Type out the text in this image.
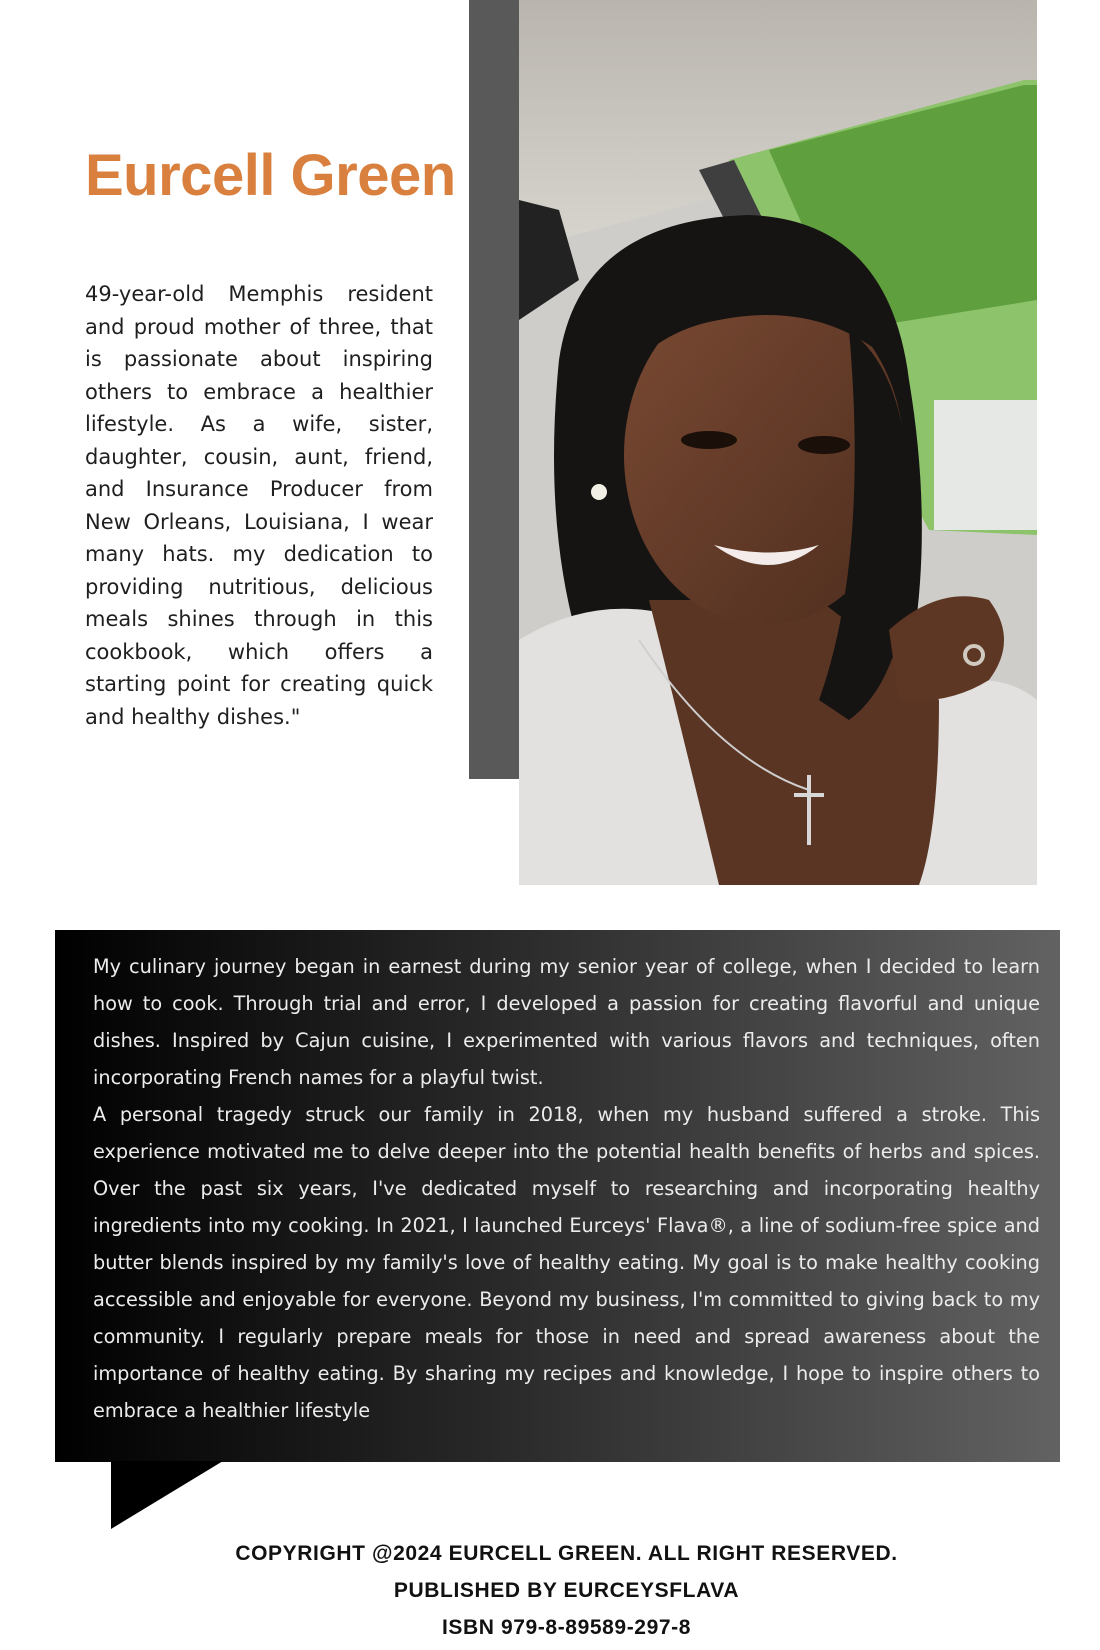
Eurcell Green

49-year-old Memphis resident and proud mother of three, that is passionate about inspiring others to embrace a healthier lifestyle. As a wife, sister, daughter, cousin, aunt, friend, and Insurance Producer from New Orleans, Louisiana, I wear many hats. my dedication to providing nutritious, delicious meals shines through in this cookbook, which offers a starting point for creating quick and healthy dishes."

My culinary journey began in earnest during my senior year of college, when I decided to learn how to cook. Through trial and error, I developed a passion for creating flavorful and unique dishes. Inspired by Cajun cuisine, I experimented with various flavors and techniques, often incorporating French names for a playful twist.

A personal tragedy struck our family in 2018, when my husband suffered a stroke. This experience motivated me to delve deeper into the potential health benefits of herbs and spices. Over the past six years, I've dedicated myself to researching and incorporating healthy ingredients into my cooking. In 2021, I launched Eurceys' Flava®, a line of sodium-free spice and butter blends inspired by my family's love of healthy eating. My goal is to make healthy cooking accessible and enjoyable for everyone. Beyond my business, I'm committed to giving back to my community. I regularly prepare meals for those in need and spread awareness about the importance of healthy eating. By sharing my recipes and knowledge, I hope to inspire others to embrace a healthier lifestyle

COPYRIGHT @2024 EURCELL GREEN. ALL RIGHT RESERVED.
PUBLISHED BY EURCEYSFLAVA
ISBN 979-8-89589-297-8
